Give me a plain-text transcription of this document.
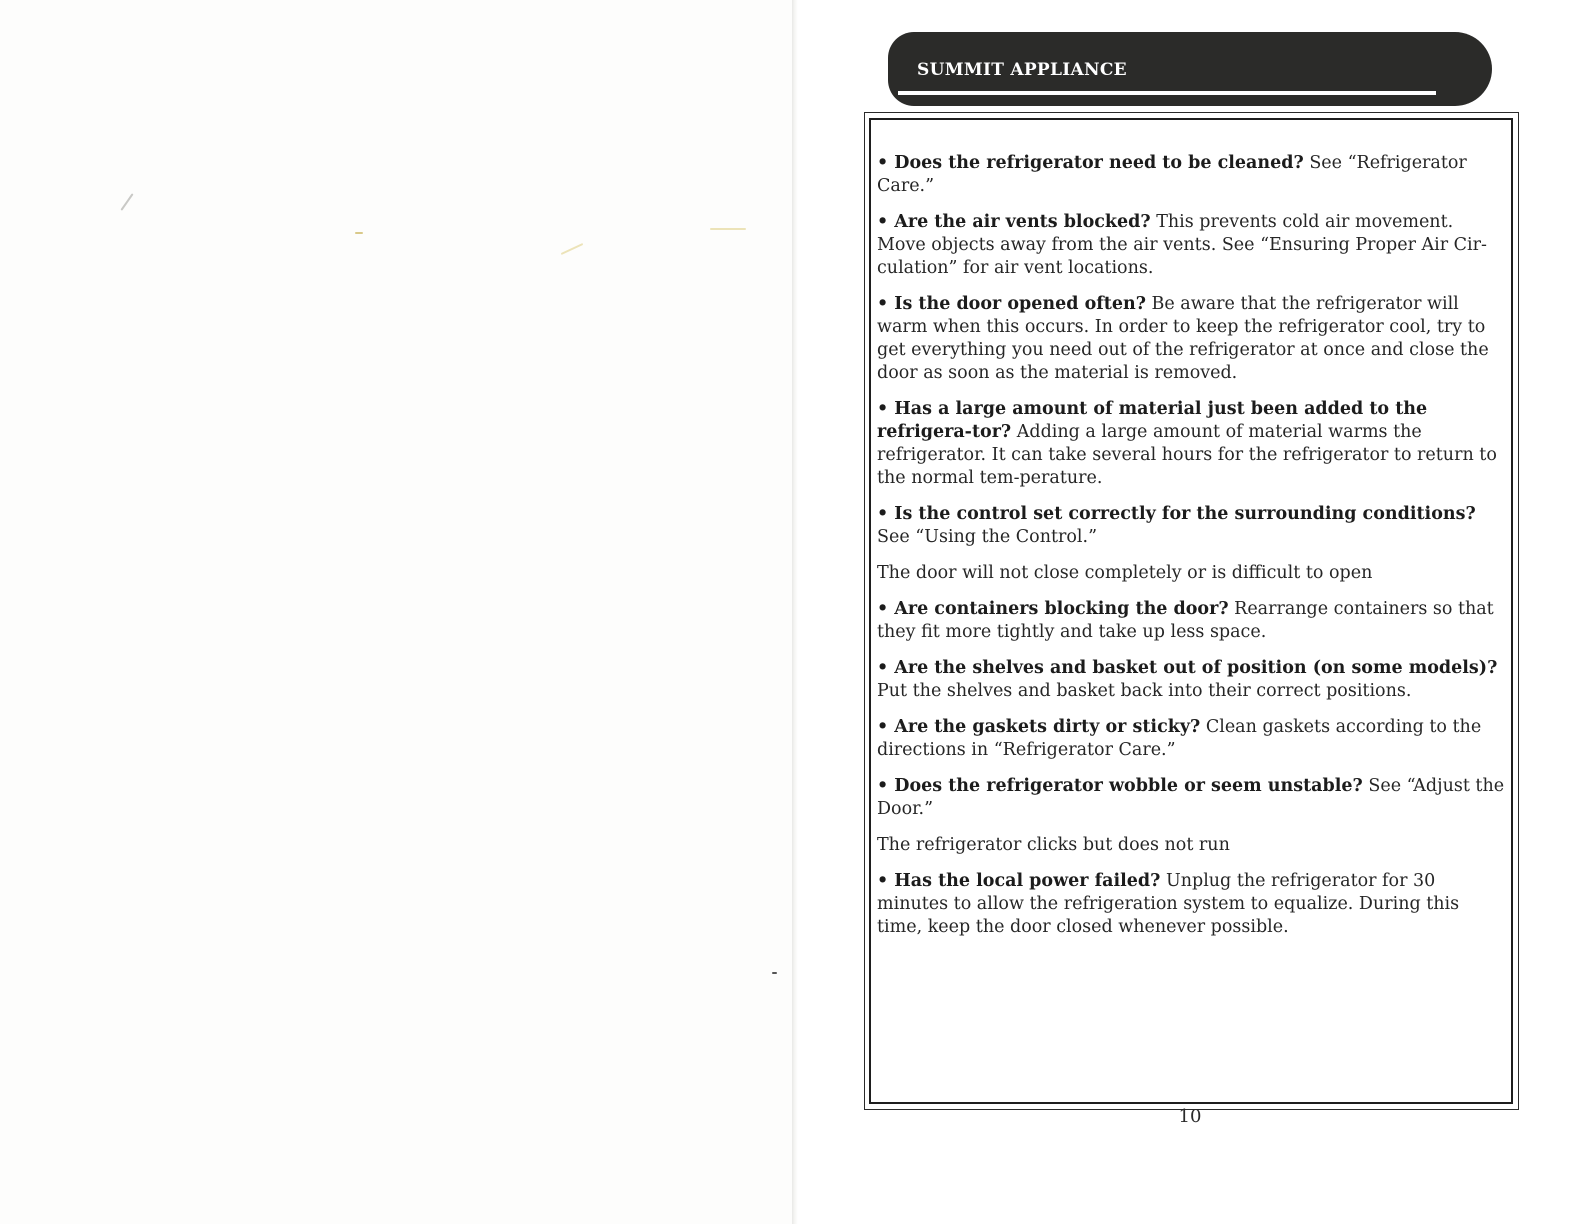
SUMMIT APPLIANCE

• Does the refrigerator need to be cleaned? See “Refrigerator Care.”

• Are the air vents blocked? This prevents cold air movement. Move objects away from the air vents. See “Ensuring Proper Air Cir-culation” for air vent locations.

• Is the door opened often? Be aware that the refrigerator will warm when this occurs. In order to keep the refrigerator cool, try to get everything you need out of the refrigerator at once and close the door as soon as the material is removed.

• Has a large amount of material just been added to the refrigera-tor? Adding a large amount of material warms the refrigerator. It can take several hours for the refrigerator to return to the normal tem-perature.

• Is the control set correctly for the surrounding conditions? See “Using the Control.”

The door will not close completely or is difficult to open

• Are containers blocking the door? Rearrange containers so that they fit more tightly and take up less space.

• Are the shelves and basket out of position (on some models)? Put the shelves and basket back into their correct positions.

• Are the gaskets dirty or sticky? Clean gaskets according to the directions in “Refrigerator Care.”

• Does the refrigerator wobble or seem unstable? See “Adjust the Door.”

The refrigerator clicks but does not run

• Has the local power failed? Unplug the refrigerator for 30 minutes to allow the refrigeration system to equalize. During this time, keep the door closed whenever possible.

10
